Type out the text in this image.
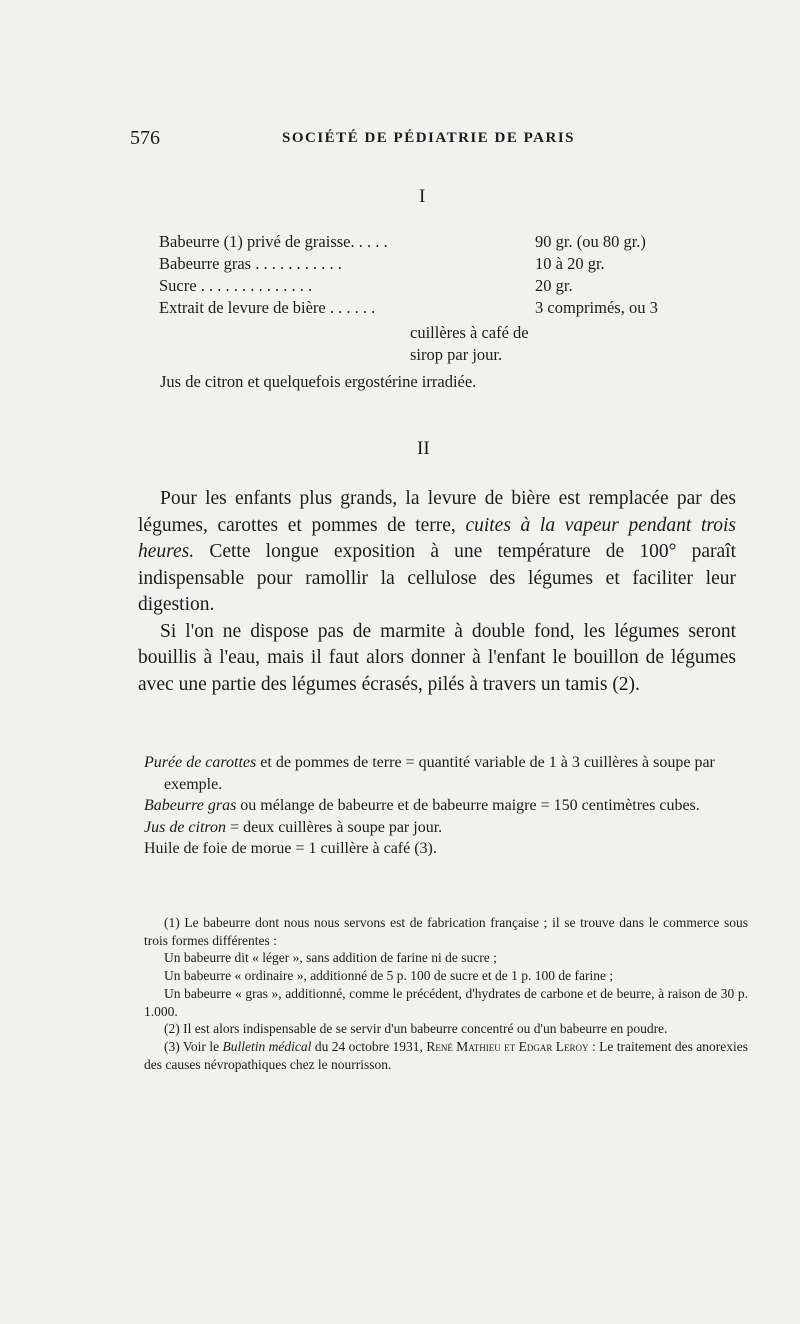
576	SOCIÉTÉ DE PÉDIATRIE DE PARIS
I
Babeurre (1) privé de graisse. . . . .	90 gr. (ou 80 gr.)
Babeurre gras . . . . . . . . . . .	10 à 20 gr.
Sucre . . . . . . . . . . . . . .	20 gr.
Extrait de levure de bière . . . . . .	3 comprimés, ou 3
cuillères à café de
sirop par jour.
Jus de citron et quelquefois ergostérine irradiée.
II

Pour les enfants plus grands, la levure de bière est remplacée par des légumes, carottes et pommes de terre, cuites à la vapeur pendant trois heures. Cette longue exposition à une température de 100° paraît indispensable pour ramollir la cellulose des légumes et faciliter leur digestion.

Si l'on ne dispose pas de marmite à double fond, les légumes seront bouillis à l'eau, mais il faut alors donner à l'enfant le bouillon de légumes avec une partie des légumes écrasés, pilés à travers un tamis (2).

Purée de carottes et de pommes de terre = quantité variable de 1 à 3 cuillères à soupe par exemple.

Babeurre gras ou mélange de babeurre et de babeurre maigre = 150 centimètres cubes.

Jus de citron = deux cuillères à soupe par jour.

Huile de foie de morue = 1 cuillère à café (3).

(1) Le babeurre dont nous nous servons est de fabrication française ; il se trouve dans le commerce sous trois formes différentes :

Un babeurre dit « léger », sans addition de farine ni de sucre ;

Un babeurre « ordinaire », additionné de 5 p. 100 de sucre et de 1 p. 100 de farine ;

Un babeurre « gras », additionné, comme le précédent, d'hydrates de carbone et de beurre, à raison de 30 p. 1.000.

(2) Il est alors indispensable de se servir d'un babeurre concentré ou d'un babeurre en poudre.

(3) Voir le Bulletin médical du 24 octobre 1931, René Mathieu et Edgar Leroy : Le traitement des anorexies des causes névropathiques chez le nourrisson.
